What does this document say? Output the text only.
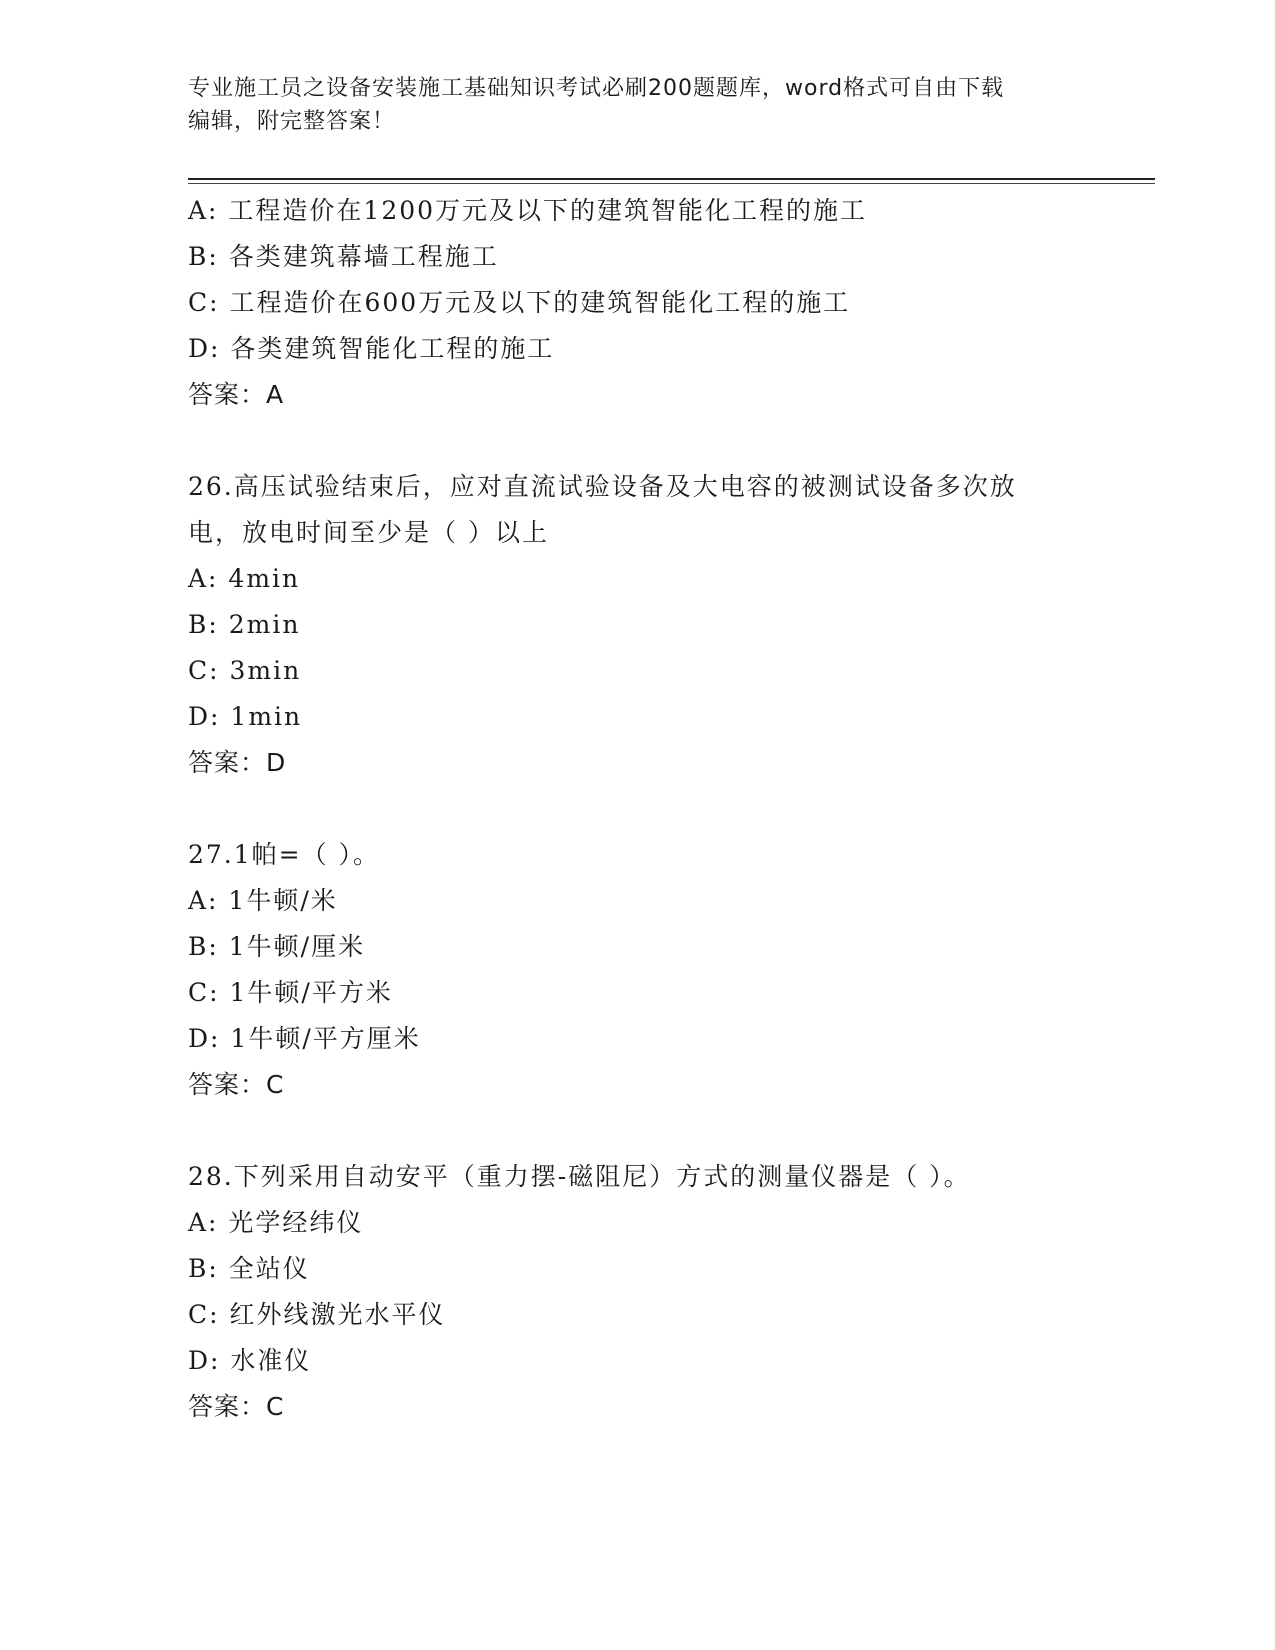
专业施工员之设备安装施工基础知识考试必刷200题题库，word格式可自由下载
编辑，附完整答案！
A: 工程造价在1200万元及以下的建筑智能化工程的施工
B: 各类建筑幕墙工程施工
C: 工程造价在600万元及以下的建筑智能化工程的施工
D: 各类建筑智能化工程的施工
答案：A
26.高压试验结束后，应对直流试验设备及大电容的被测试设备多次放
电，放电时间至少是（ ）以上
A: 4min
B: 2min
C: 3min
D: 1min
答案：D
27.1帕=（ ）。
A: 1牛顿/米
B: 1牛顿/厘米
C: 1牛顿/平方米
D: 1牛顿/平方厘米
答案：C
28.下列采用自动安平（重力摆-磁阻尼）方式的测量仪器是（ ）。
A: 光学经纬仪
B: 全站仪
C: 红外线激光水平仪
D: 水准仪
答案：C
